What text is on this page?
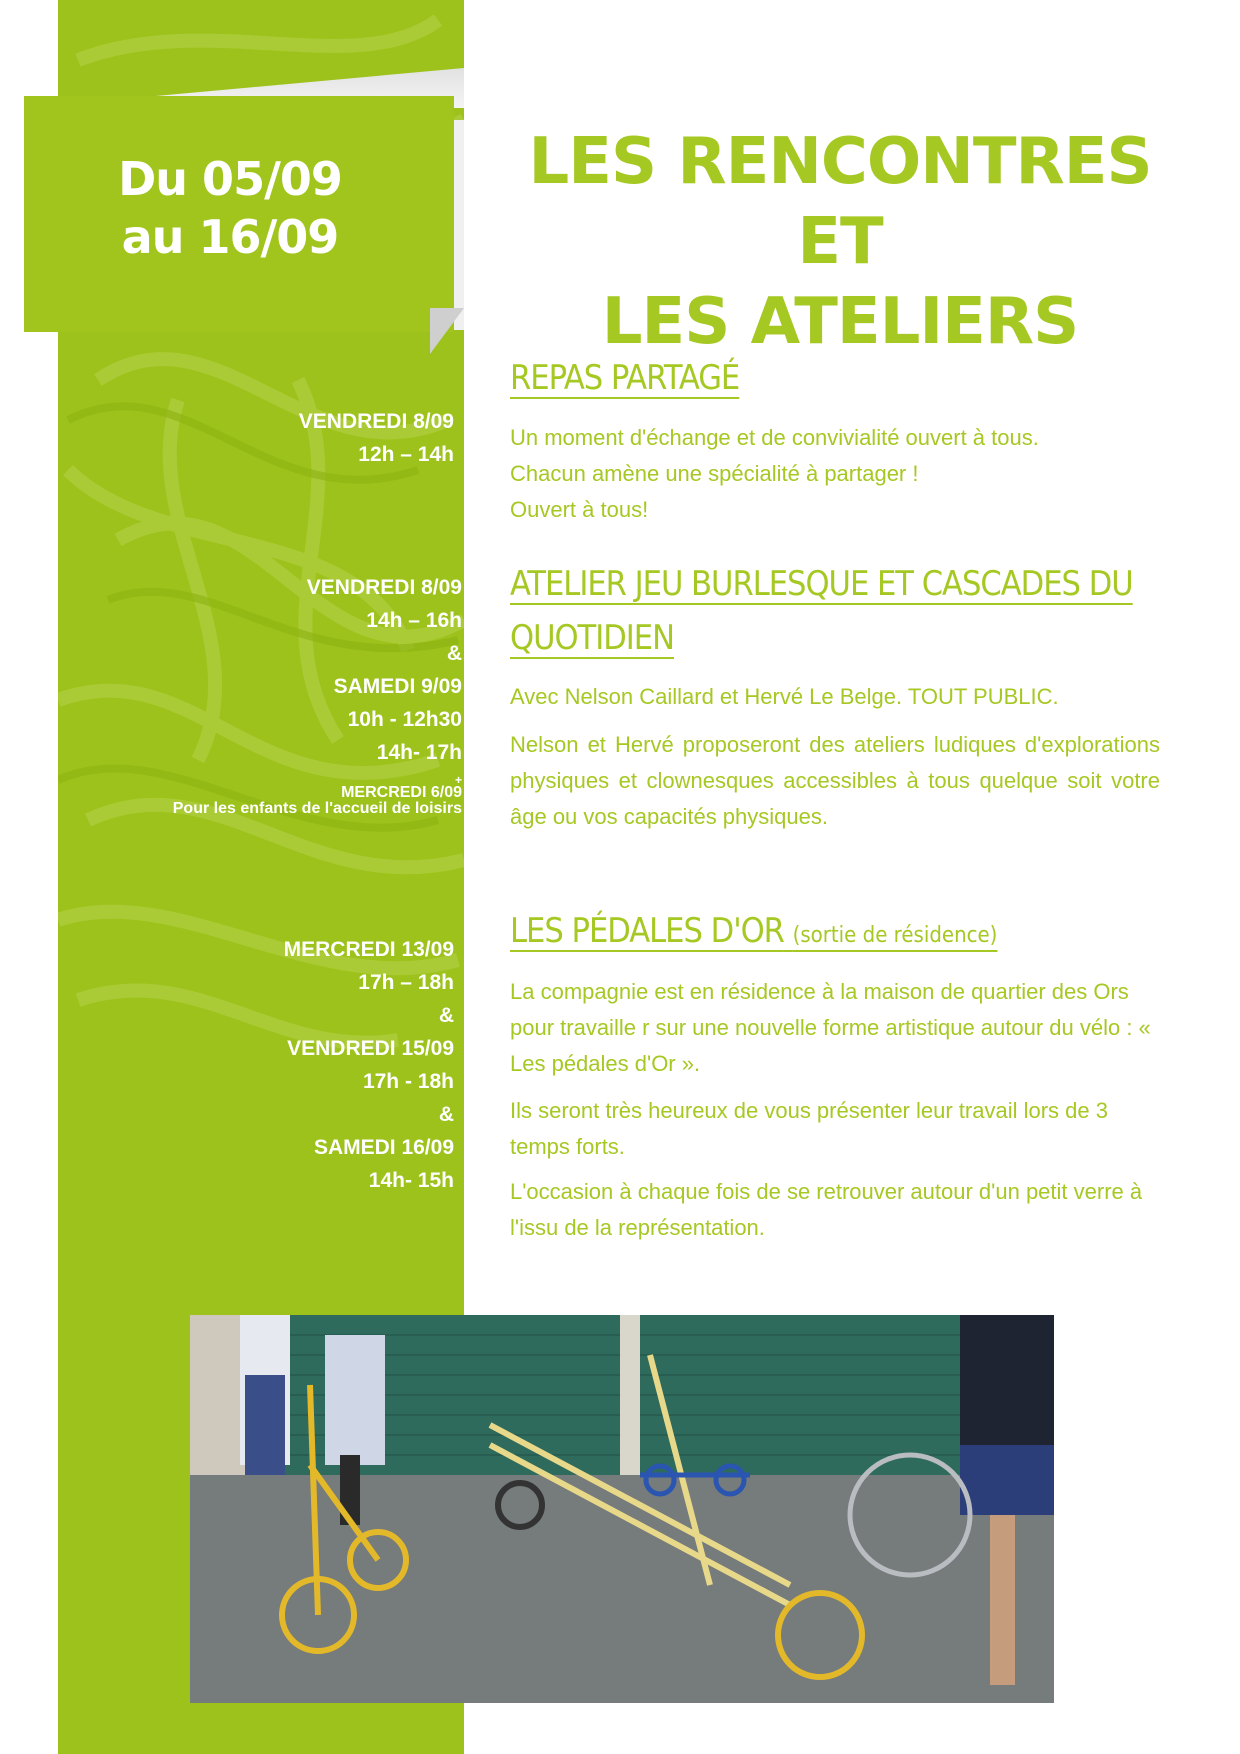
Du 05/09
au 16/09
LES RENCONTRES ET
LES ATELIERS
VENDREDI 8/09
12h – 14h
VENDREDI 8/09
14h – 16h
&
SAMEDI 9/09
10h - 12h30
14h- 17h
+
MERCREDI 6/09
Pour les enfants de l'accueil de loisirs
MERCREDI 13/09
17h – 18h
&
VENDREDI 15/09
17h - 18h
&
SAMEDI 16/09
14h- 15h
REPAS PARTAGÉ
Un moment d'échange et de convivialité ouvert à tous.
Chacun amène une spécialité à partager !
Ouvert à tous!
ATELIER JEU BURLESQUE ET CASCADES DU
QUOTIDIEN
Avec Nelson Caillard et Hervé Le Belge. TOUT PUBLIC.
Nelson et Hervé proposeront des ateliers ludiques d'explorations physiques et clownesques accessibles à tous quelque soit votre âge ou vos capacités physiques.
LES PÉDALES D'OR (sortie de résidence)
La compagnie est en résidence à la maison de quartier des Ors pour travaille r sur une nouvelle forme artistique autour du vélo : « Les pédales d'Or ».
Ils seront très heureux de vous présenter leur travail lors de 3 temps forts.
L'occasion à chaque fois de se retrouver autour d'un petit verre à l'issu de la représentation.
